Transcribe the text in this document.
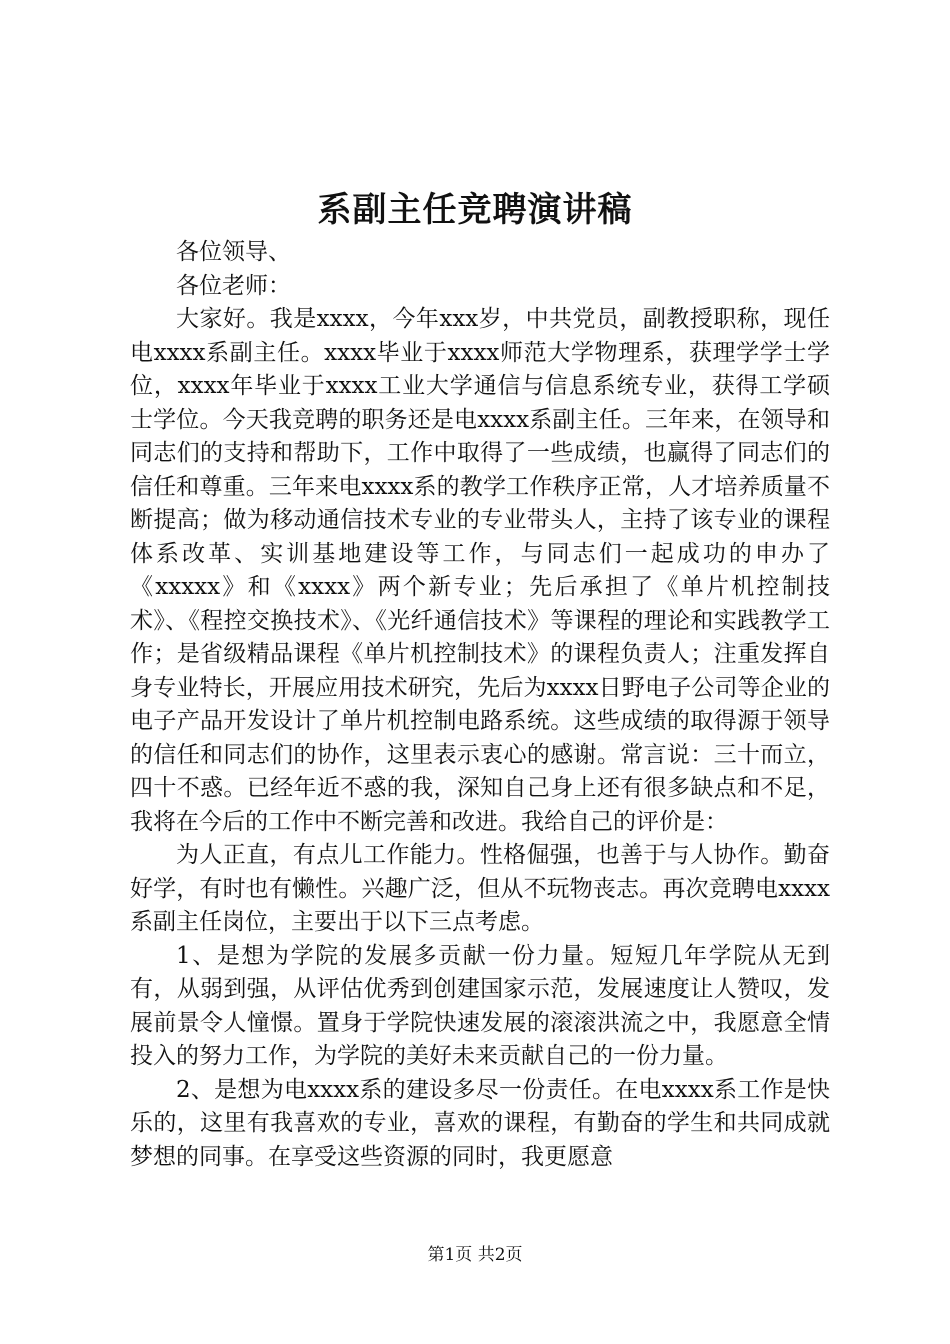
系副主任竞聘演讲稿

各位领导、

各位老师：

大家好。我是xxxx，今年xxx岁，中共党员，副教授职称，现任电xxxx系副主任。xxxx毕业于xxxx师范大学物理系，获理学学士学位，xxxx年毕业于xxxx工业大学通信与信息系统专业，获得工学硕士学位。今天我竞聘的职务还是电xxxx系副主任。三年来，在领导和同志们的支持和帮助下，工作中取得了一些成绩，也赢得了同志们的信任和尊重。三年来电xxxx系的教学工作秩序正常，人才培养质量不断提高；做为移动通信技术专业的专业带头人，主持了该专业的课程体系改革、实训基地建设等工作，与同志们一起成功的申办了《xxxxx》和《xxxx》两个新专业；先后承担了《单片机控制技术》、《程控交换技术》、《光纤通信技术》等课程的理论和实践教学工作；是省级精品课程《单片机控制技术》的课程负责人；注重发挥自身专业特长，开展应用技术研究，先后为xxxx日野电子公司等企业的电子产品开发设计了单片机控制电路系统。这些成绩的取得源于领导的信任和同志们的协作，这里表示衷心的感谢。常言说：三十而立，四十不惑。已经年近不惑的我，深知自己身上还有很多缺点和不足，我将在今后的工作中不断完善和改进。我给自己的评价是：

为人正直，有点儿工作能力。性格倔强，也善于与人协作。勤奋好学，有时也有懒性。兴趣广泛，但从不玩物丧志。再次竞聘电xxxx系副主任岗位，主要出于以下三点考虑。

1、是想为学院的发展多贡献一份力量。短短几年学院从无到有，从弱到强，从评估优秀到创建国家示范，发展速度让人赞叹，发展前景令人憧憬。置身于学院快速发展的滚滚洪流之中，我愿意全情投入的努力工作，为学院的美好未来贡献自己的一份力量。

2、是想为电xxxx系的建设多尽一份责任。在电xxxx系工作是快乐的，这里有我喜欢的专业，喜欢的课程，有勤奋的学生和共同成就梦想的同事。在享受这些资源的同时，我更愿意

第1页 共2页
